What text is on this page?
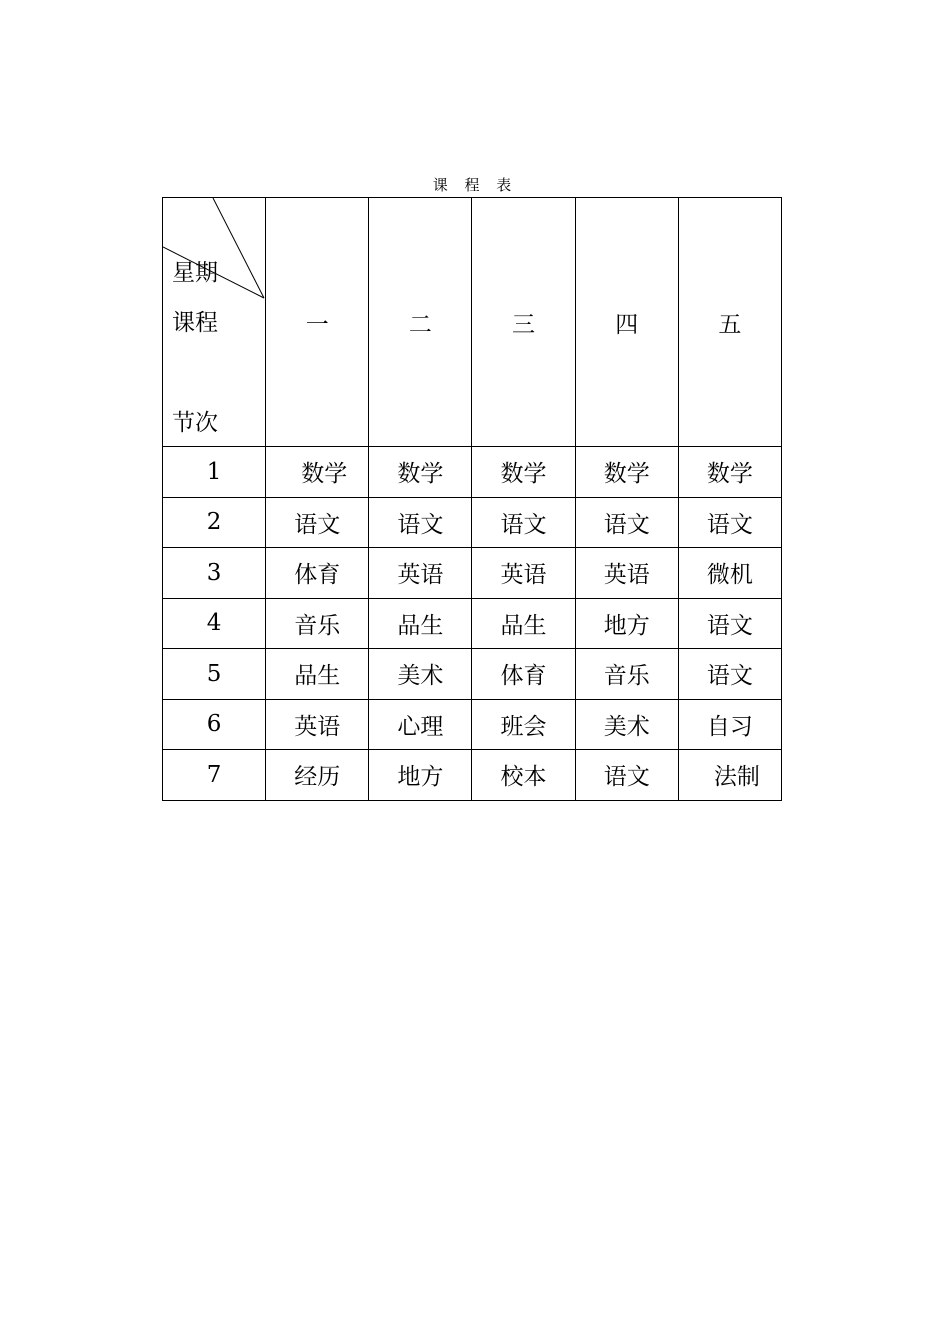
课 程 表
星期
课程
节次	一	二	三	四	五
1	数学	数学	数学	数学	数学
2	语文	语文	语文	语文	语文
3	体育	英语	英语	英语	微机
4	音乐	品生	品生	地方	语文
5	品生	美术	体育	音乐	语文
6	英语	心理	班会	美术	自习
7	经历	地方	校本	语文	法制
